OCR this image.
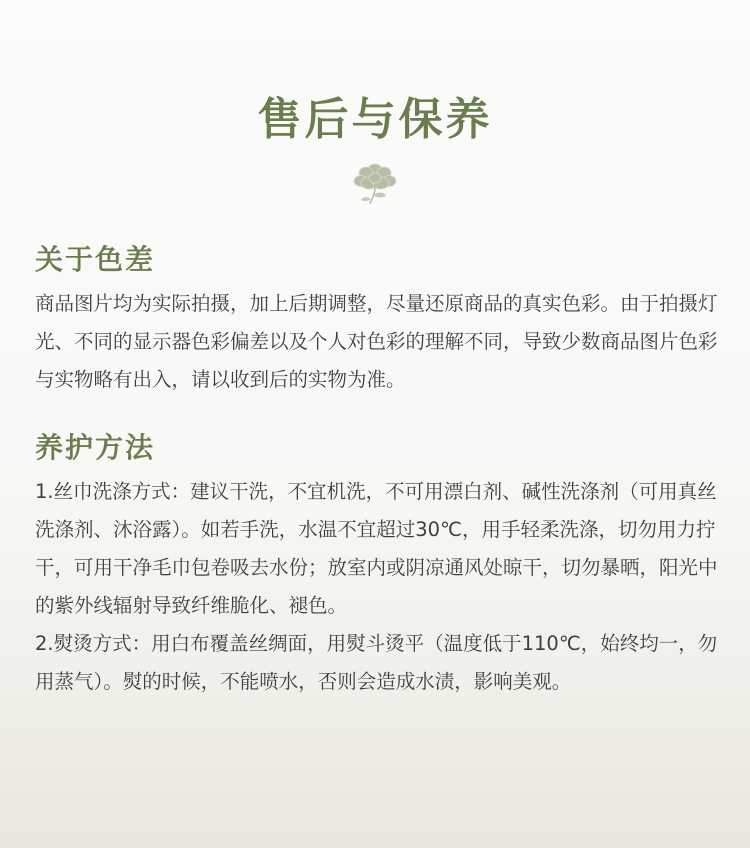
售后与保养
关于色差

商品图片均为实际拍摄，加上后期调整，尽量还原商品的真实色彩。由于拍摄灯光、不同的显示器色彩偏差以及个人对色彩的理解不同，导致少数商品图片色彩与实物略有出入，请以收到后的实物为准。

养护方法

1.丝巾洗涤方式：建议干洗，不宜机洗，不可用漂白剂、碱性洗涤剂（可用真丝洗涤剂、沐浴露）。如若手洗，水温不宜超过30℃，用手轻柔洗涤，切勿用力拧干，可用干净毛巾包卷吸去水份；放室内或阴凉通风处晾干，切勿暴晒，阳光中的紫外线辐射导致纤维脆化、褪色。

2.熨烫方式：用白布覆盖丝绸面，用熨斗烫平（温度低于110℃，始终均一，勿用蒸气）。熨的时候，不能喷水，否则会造成水渍，影响美观。
